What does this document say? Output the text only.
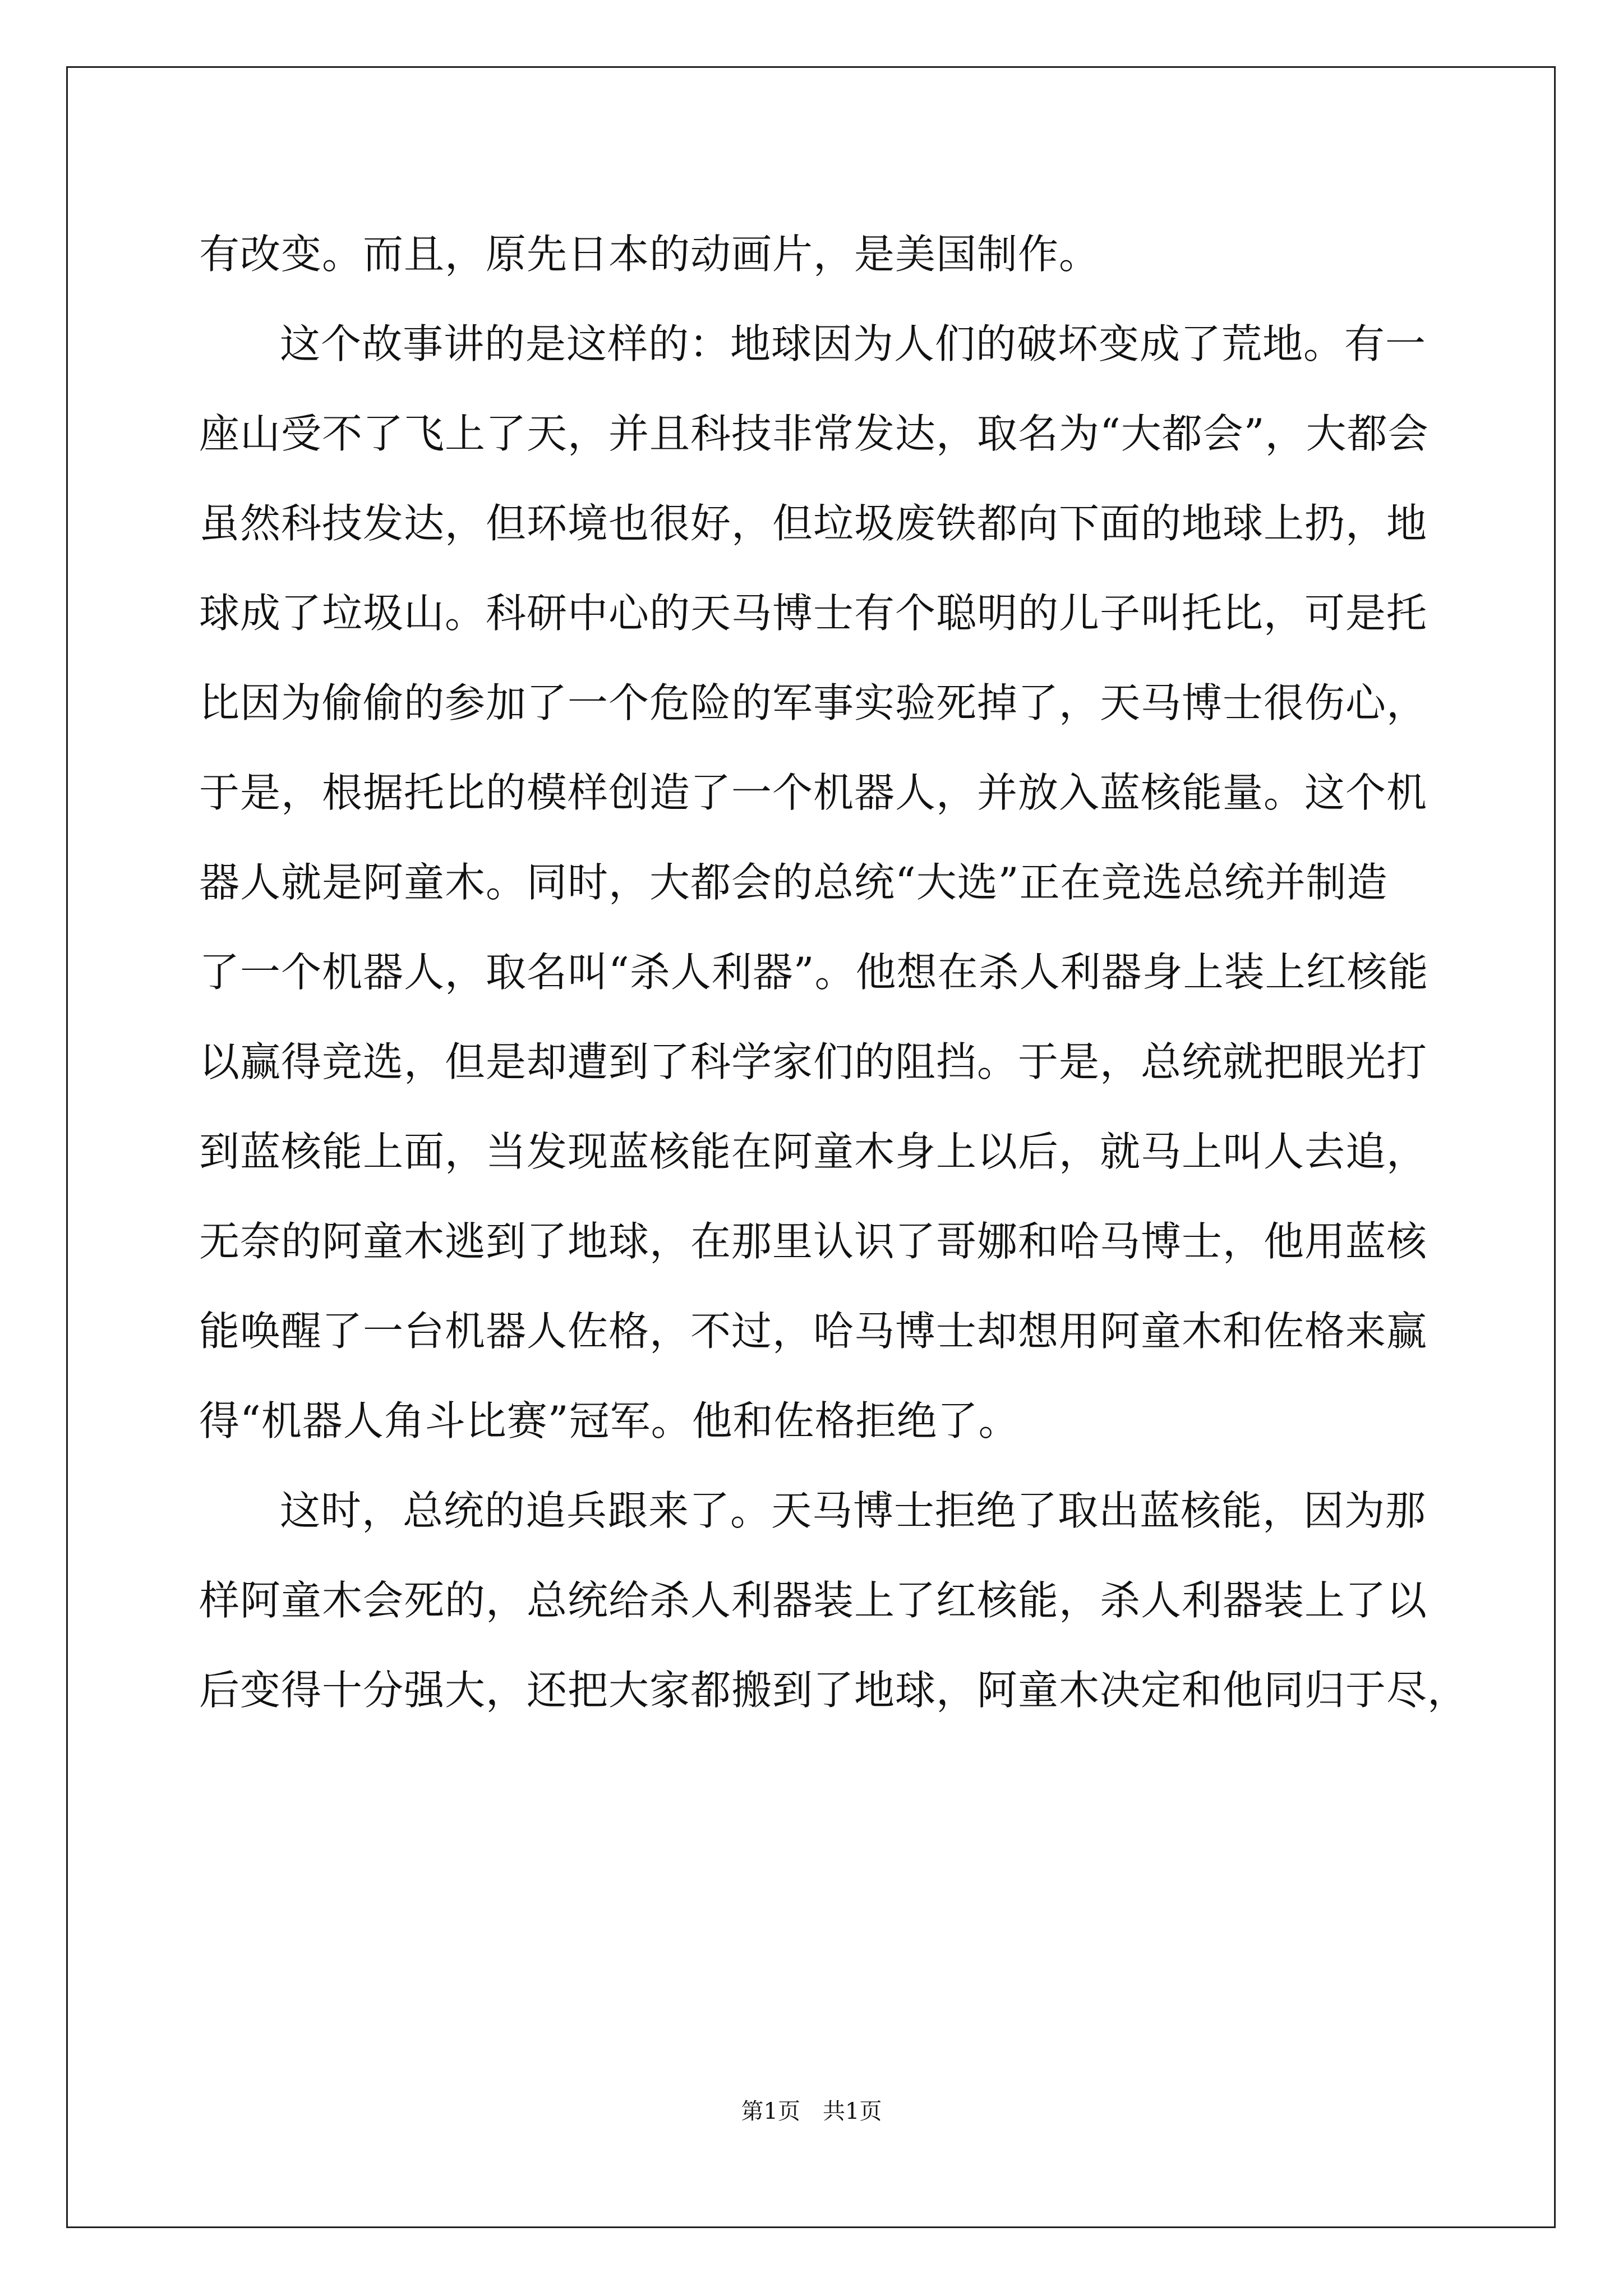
有改变。而且，原先日本的动画片，是美国制作。
这个故事讲的是这样的：地球因为人们的破坏变成了荒地。有一
座山受不了飞上了天，并且科技非常发达，取名为“大都会”，大都会
虽然科技发达，但环境也很好，但垃圾废铁都向下面的地球上扔，地
球成了垃圾山。科研中心的天马博士有个聪明的儿子叫托比，可是托
比因为偷偷的参加了一个危险的军事实验死掉了，天马博士很伤心，
于是，根据托比的模样创造了一个机器人，并放入蓝核能量。这个机
器人就是阿童木。同时，大都会的总统“大选”正在竞选总统并制造
了一个机器人，取名叫“杀人利器”。他想在杀人利器身上装上红核能
以赢得竞选，但是却遭到了科学家们的阻挡。于是，总统就把眼光打
到蓝核能上面，当发现蓝核能在阿童木身上以后，就马上叫人去追，
无奈的阿童木逃到了地球，在那里认识了哥娜和哈马博士，他用蓝核
能唤醒了一台机器人佐格，不过，哈马博士却想用阿童木和佐格来赢
得“机器人角斗比赛”冠军。他和佐格拒绝了。
这时，总统的追兵跟来了。天马博士拒绝了取出蓝核能，因为那
样阿童木会死的，总统给杀人利器装上了红核能，杀人利器装上了以
后变得十分强大，还把大家都搬到了地球，阿童木决定和他同归于尽，
第1页　共1页
